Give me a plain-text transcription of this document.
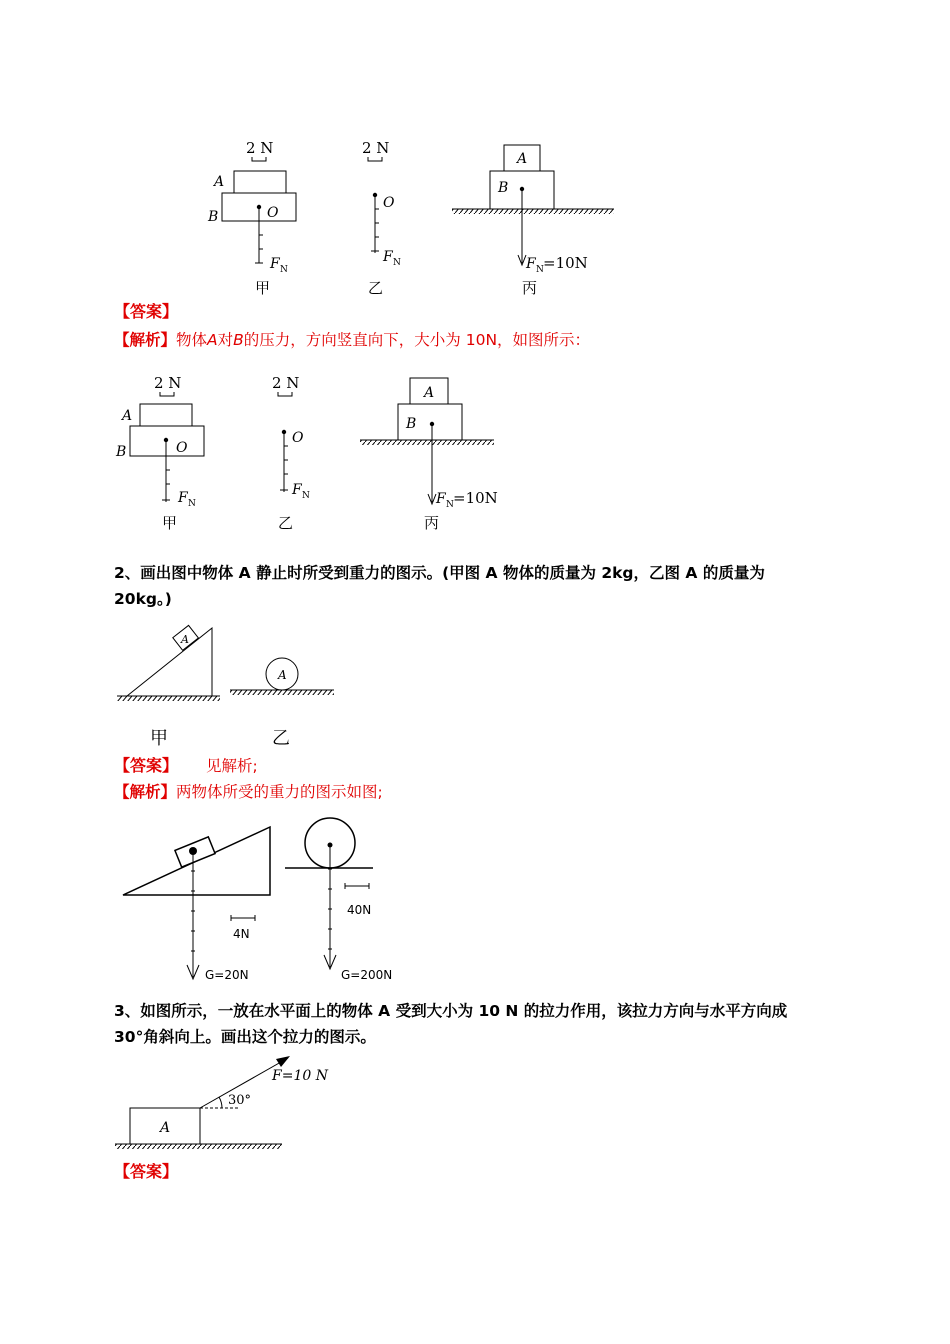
2 N
A
B	O
F N
甲
2 N
O
F N
乙
A
B
F N =10N
丙
【答案】
【解析】物体A对B的压力，方向竖直向下，大小为 10N，如图所示：
2 N
A
B	O
F N
甲
2 N
O
F N
乙
A
B
F N =10N
丙
2、画出图中物体 A 静止时所受到重力的图示。(甲图 A 物体的质量为 2kg，乙图 A 的质量为
20kg。)
A
A
甲	乙
【答案】 见解析;
【解析】两物体所受的重力的图示如图;
4N
G=20N
40N
G=200N
3、如图所示，一放在水平面上的物体 A 受到大小为 10 N 的拉力作用，该拉力方向与水平方向成
30°角斜向上。画出这个拉力的图示。
A
30°
F=10 N
【答案】
